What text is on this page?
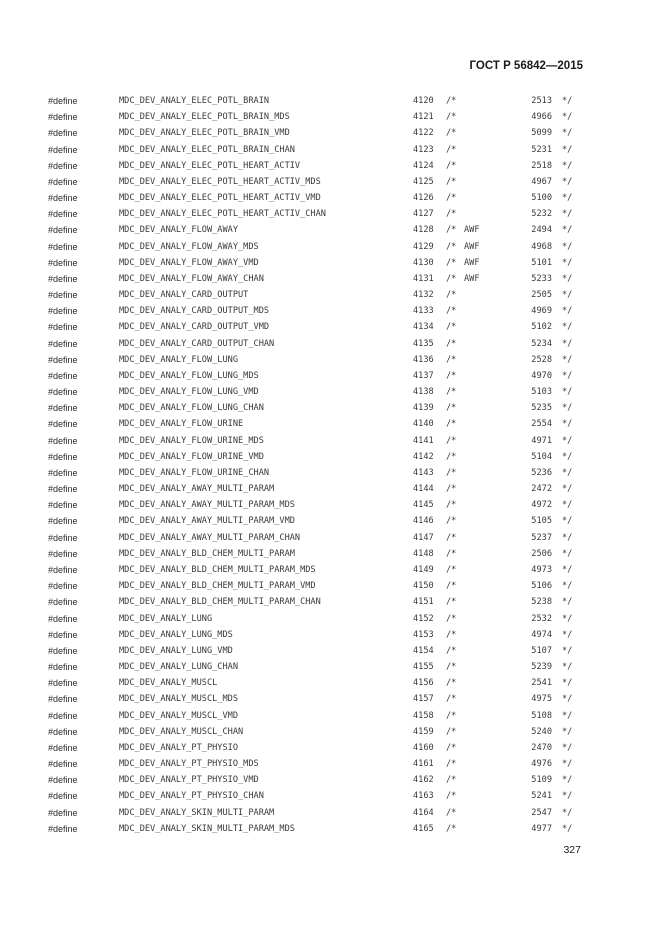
ГОСТ Р 56842—2015
#define	MDC_DEV_ANALY_ELEC_POTL_BRAIN	4120 /*	2513 */
#define	MDC_DEV_ANALY_ELEC_POTL_BRAIN_MDS	4121 /*	4966 */
#define	MDC_DEV_ANALY_ELEC_POTL_BRAIN_VMD	4122 /*	5099 */
#define	MDC_DEV_ANALY_ELEC_POTL_BRAIN_CHAN	4123 /*	5231 */
#define	MDC_DEV_ANALY_ELEC_POTL_HEART_ACTIV	4124 /*	2518 */
#define	MDC_DEV_ANALY_ELEC_POTL_HEART_ACTIV_MDS	4125 /*	4967 */
#define	MDC_DEV_ANALY_ELEC_POTL_HEART_ACTIV_VMD	4126 /*	5100 */
#define	MDC_DEV_ANALY_ELEC_POTL_HEART_ACTIV_CHAN	4127 /*	5232 */
#define	MDC_DEV_ANALY_FLOW_AWAY	4128 /* AWF	2494 */
#define	MDC_DEV_ANALY_FLOW_AWAY_MDS	4129 /* AWF	4968 */
#define	MDC_DEV_ANALY_FLOW_AWAY_VMD	4130 /* AWF	5101 */
#define	MDC_DEV_ANALY_FLOW_AWAY_CHAN	4131 /* AWF	5233 */
#define	MDC_DEV_ANALY_CARD_OUTPUT	4132 /*	2505 */
#define	MDC_DEV_ANALY_CARD_OUTPUT_MDS	4133 /*	4969 */
#define	MDC_DEV_ANALY_CARD_OUTPUT_VMD	4134 /*	5102 */
#define	MDC_DEV_ANALY_CARD_OUTPUT_CHAN	4135 /*	5234 */
#define	MDC_DEV_ANALY_FLOW_LUNG	4136 /*	2528 */
#define	MDC_DEV_ANALY_FLOW_LUNG_MDS	4137 /*	4970 */
#define	MDC_DEV_ANALY_FLOW_LUNG_VMD	4138 /*	5103 */
#define	MDC_DEV_ANALY_FLOW_LUNG_CHAN	4139 /*	5235 */
#define	MDC_DEV_ANALY_FLOW_URINE	4140 /*	2554 */
#define	MDC_DEV_ANALY_FLOW_URINE_MDS	4141 /*	4971 */
#define	MDC_DEV_ANALY_FLOW_URINE_VMD	4142 /*	5104 */
#define	MDC_DEV_ANALY_FLOW_URINE_CHAN	4143 /*	5236 */
#define	MDC_DEV_ANALY_AWAY_MULTI_PARAM	4144 /*	2472 */
#define	MDC_DEV_ANALY_AWAY_MULTI_PARAM_MDS	4145 /*	4972 */
#define	MDC_DEV_ANALY_AWAY_MULTI_PARAM_VMD	4146 /*	5105 */
#define	MDC_DEV_ANALY_AWAY_MULTI_PARAM_CHAN	4147 /*	5237 */
#define	MDC_DEV_ANALY_BLD_CHEM_MULTI_PARAM	4148 /*	2506 */
#define	MDC_DEV_ANALY_BLD_CHEM_MULTI_PARAM_MDS	4149 /*	4973 */
#define	MDC_DEV_ANALY_BLD_CHEM_MULTI_PARAM_VMD	4150 /*	5106 */
#define	MDC_DEV_ANALY_BLD_CHEM_MULTI_PARAM_CHAN	4151 /*	5238 */
#define	MDC_DEV_ANALY_LUNG	4152 /*	2532 */
#define	MDC_DEV_ANALY_LUNG_MDS	4153 /*	4974 */
#define	MDC_DEV_ANALY_LUNG_VMD	4154 /*	5107 */
#define	MDC_DEV_ANALY_LUNG_CHAN	4155 /*	5239 */
#define	MDC_DEV_ANALY_MUSCL	4156 /*	2541 */
#define	MDC_DEV_ANALY_MUSCL_MDS	4157 /*	4975 */
#define	MDC_DEV_ANALY_MUSCL_VMD	4158 /*	5108 */
#define	MDC_DEV_ANALY_MUSCL_CHAN	4159 /*	5240 */
#define	MDC_DEV_ANALY_PT_PHYSIO	4160 /*	2470 */
#define	MDC_DEV_ANALY_PT_PHYSIO_MDS	4161 /*	4976 */
#define	MDC_DEV_ANALY_PT_PHYSIO_VMD	4162 /*	5109 */
#define	MDC_DEV_ANALY_PT_PHYSIO_CHAN	4163 /*	5241 */
#define	MDC_DEV_ANALY_SKIN_MULTI_PARAM	4164 /*	2547 */
#define	MDC_DEV_ANALY_SKIN_MULTI_PARAM_MDS	4165 /*	4977 */
327
